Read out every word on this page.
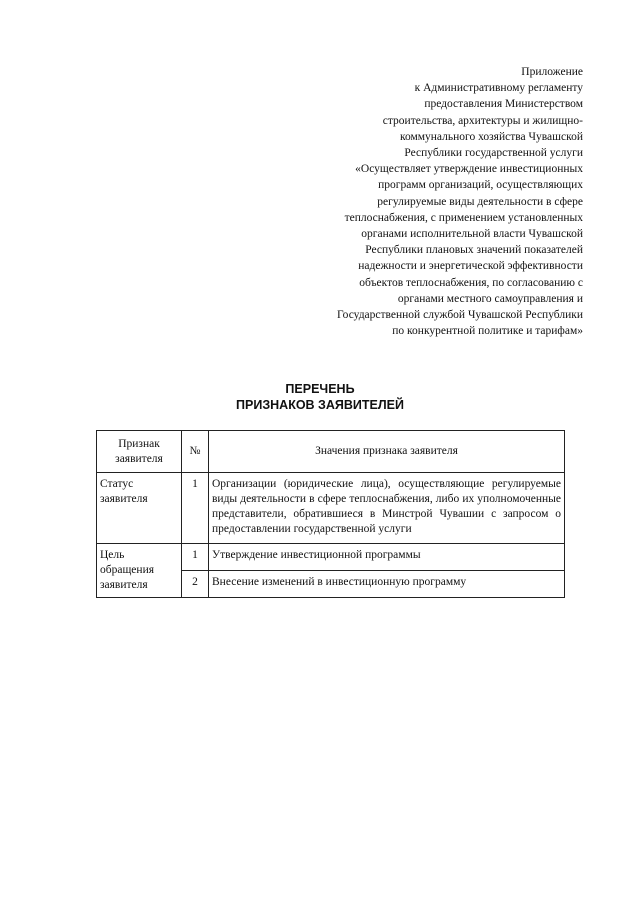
Приложение
к Административному регламенту
предоставления Министерством
строительства, архитектуры и жилищно-
коммунального хозяйства Чувашской
Республики государственной услуги
«Осуществляет утверждение инвестиционных
программ организаций, осуществляющих
регулируемые виды деятельности в сфере
теплоснабжения, с применением установленных
органами исполнительной власти Чувашской
Республики плановых значений показателей
надежности и энергетической эффективности
объектов теплоснабжения, по согласованию с
органами местного самоуправления и
Государственной службой Чувашской Республики
по конкурентной политике и тарифам»
ПЕРЕЧЕНЬ
ПРИЗНАКОВ ЗАЯВИТЕЛЕЙ
Признак заявителя	№	Значения признака заявителя
Статус заявителя	1	Организации (юридические лица), осуществляющие регулируемые виды деятельности в сфере теплоснабжения, либо их уполномоченные представители, обратившиеся в Минстрой Чувашии с запросом о предоставлении государственной услуги
Цель обращения заявителя	1	Утверждение инвестиционной программы
	2	Внесение изменений в инвестиционную программу
